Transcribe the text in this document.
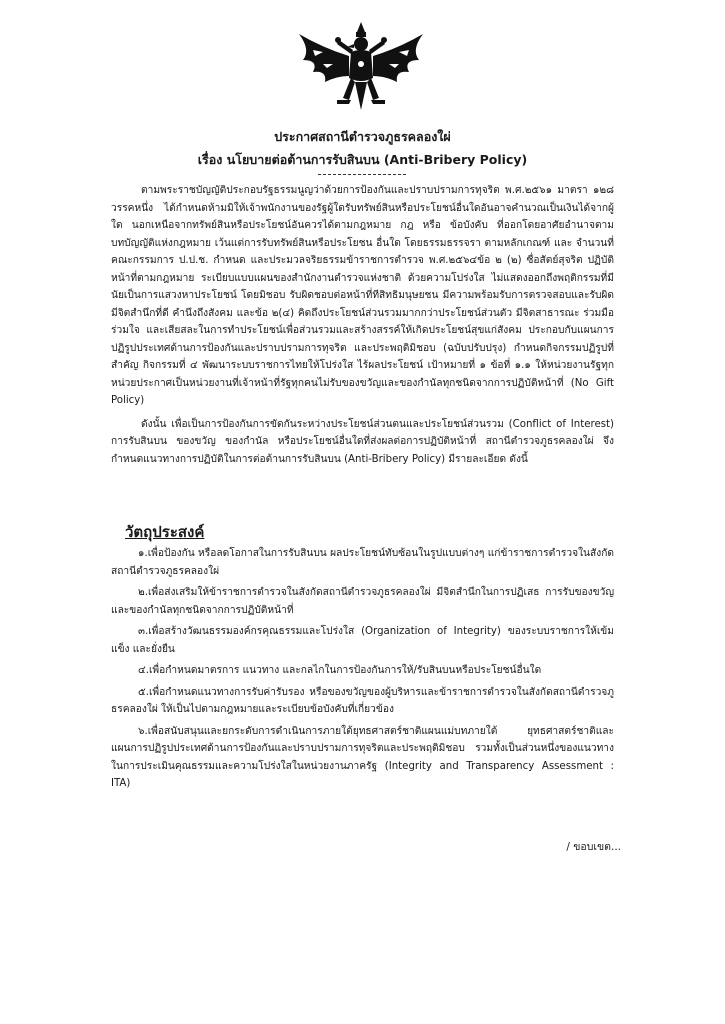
ประกาศสถานีตำรวจภูธรคลองใผ่
เรื่อง นโยบายต่อต้านการรับสินบน (Anti-Bribery Policy)

ตามพระราชบัญญัติประกอบรัฐธรรมนูญว่าด้วยการป้องกันและปราบปรามการทุจริต พ.ศ.๒๕๖๑ มาตรา ๑๒๘ วรรคหนึ่ง ได้กำหนดห้ามมิให้เจ้าพนักงานของรัฐผู้ใดรับทรัพย์สินหรือประโยชน์อื่นใดอันอาจคำนวณเป็นเงินได้จากผู้ใด นอกเหนือจากทรัพย์สินหรือประโยชน์อันควรได้ตามกฎหมาย กฎ หรือ ข้อบังคับ ที่ออกโดยอาศัยอำนาจตามบทบัญญัติแห่งกฎหมาย เว้นแต่การรับทรัพย์สินหรือประโยชน อื่นใด โดยธรรมธรรจรา ตามหลักเกณฑ์ และ จำนวนที่คณะกรรมการ ป.ป.ช. กำหนด และประมวลจริยธรรมข้าราชการตำรวจ พ.ศ.๒๕๖๔ข้อ ๒ (๒) ซื่อสัตย์สุจริต ปฏิบัติหน้าที่ตามกฎหมาย ระเบียบแบบแผนของสำนักงานตำรวจแห่งชาติ ด้วยความโปร่งใส ไม่แสดงออกถึงพฤติกรรมที่มีนัยเป็นการแสวงหาประโยชน์ โดยมิชอบ รับผิดชอบต่อหน้าที่ทีสิทธิมนุษยชน มีความพร้อมรับการตรวจสอบและรับผิด มีจิตสำนึกที่ดี คำนึงถึงสังคม และข้อ ๒(๔) คิดถึงประโยชน์ส่วนรวมมากกว่าประโยชน์ส่วนตัว มีจิตสาธารณะ ร่วมมือ ร่วมใจ และเสียสละในการทำประโยชน์เพื่อส่วนรวมและสร้างสรรค์ให้เกิดประโยชน์สุขแก่สังคม ประกอบกับแผนการปฏิรูปประเทศด้านการป้องกันและปราบปรามการทุจริต และประพฤติมิชอบ (ฉบับปรับปรุง) กำหนดกิจกรรมปฏิรูปที่สำคัญ กิจกรรมที่ ๔ พัฒนาระบบราชการไทยให้โปร่งใส ไร้ผลประโยชน์ เป้าหมายที่ ๑ ข้อที่ ๑.๑ ให้หน่วยงานรัฐทุกหน่วยประกาศเป็นหน่วยงานที่เจ้าหน้าที่รัฐทุกคนไม่รับของขวัญและของกำนัลทุกชนิดจากการปฏิบัติหน้าที่ (No Gift Policy)

ดังนั้น เพื่อเป็นการป้องกันการขัดกันระหว่างประโยชน์ส่วนตนและประโยชน์ส่วนรวม (Conflict of Interest) การรับสินบน ของขวัญ ของกำนัล หรือประโยชน์อื่นใดที่ส่งผลต่อการปฏิบัติหน้าที่ สถานีตำรวจภูธรคลองใผ่ จึงกำหนดแนวทางการปฏิบัติในการต่อต้านการรับสินบน (Anti-Bribery Policy) มีรายละเอียด ดังนี้

วัตถุประสงค์

๑.เพื่อป้องกัน หรือลดโอกาสในการรับสินบน ผลประโยชน์ทับซ้อนในรูปแบบต่างๆ แก่ข้าราชการตำรวจในสังกัดสถานีตำรวจภูธรคลองใผ่

๒.เพื่อส่งเสริมให้ข้าราชการตำรวจในสังกัดสถานีตำรวจภูธรคลองใผ่ มีจิตสำนึกในการปฏิเสธ การรับของขวัญและของกำนัลทุกชนิดจากการปฏิบัติหน้าที่

๓.เพื่อสร้างวัฒนธรรมองค์กรคุณธรรมและโปร่งใส (Organization of Integrity) ของระบบราชการให้เข้มแข็ง และยั่งยืน

๔.เพื่อกำหนดมาตรการ แนวทาง และกลไกในการป้องกันการให้/รับสินบนหรือประโยชน์อื่นใด

๕.เพื่อกำหนดแนวทางการรับค่ารับรอง หรือของขวัญของผู้บริหารและข้าราชการตำรวจในสังกัดสถานีตำรวจภูธรคลองใผ่ ให้เป็นไปตามกฎหมายและระเบียบข้อบังคับที่เกี่ยวข้อง

๖.เพื่อสนับสนุนและยกระดับการดำเนินการภายใต้ยุทธศาสตร์ชาติแผนแม่บทภายใต้ ยุทธศาสตร์ชาติและแผนการปฏิรูปประเทศด้านการป้องกันและปราบปรามการทุจริตและประพฤติมิชอบ รวมทั้งเป็นส่วนหนึ่งของแนวทางในการประเมินคุณธรรมและความโปร่งใสในหน่วยงานภาครัฐ (Integrity and Transparency Assessment : ITA)

/ ขอบเขต...
